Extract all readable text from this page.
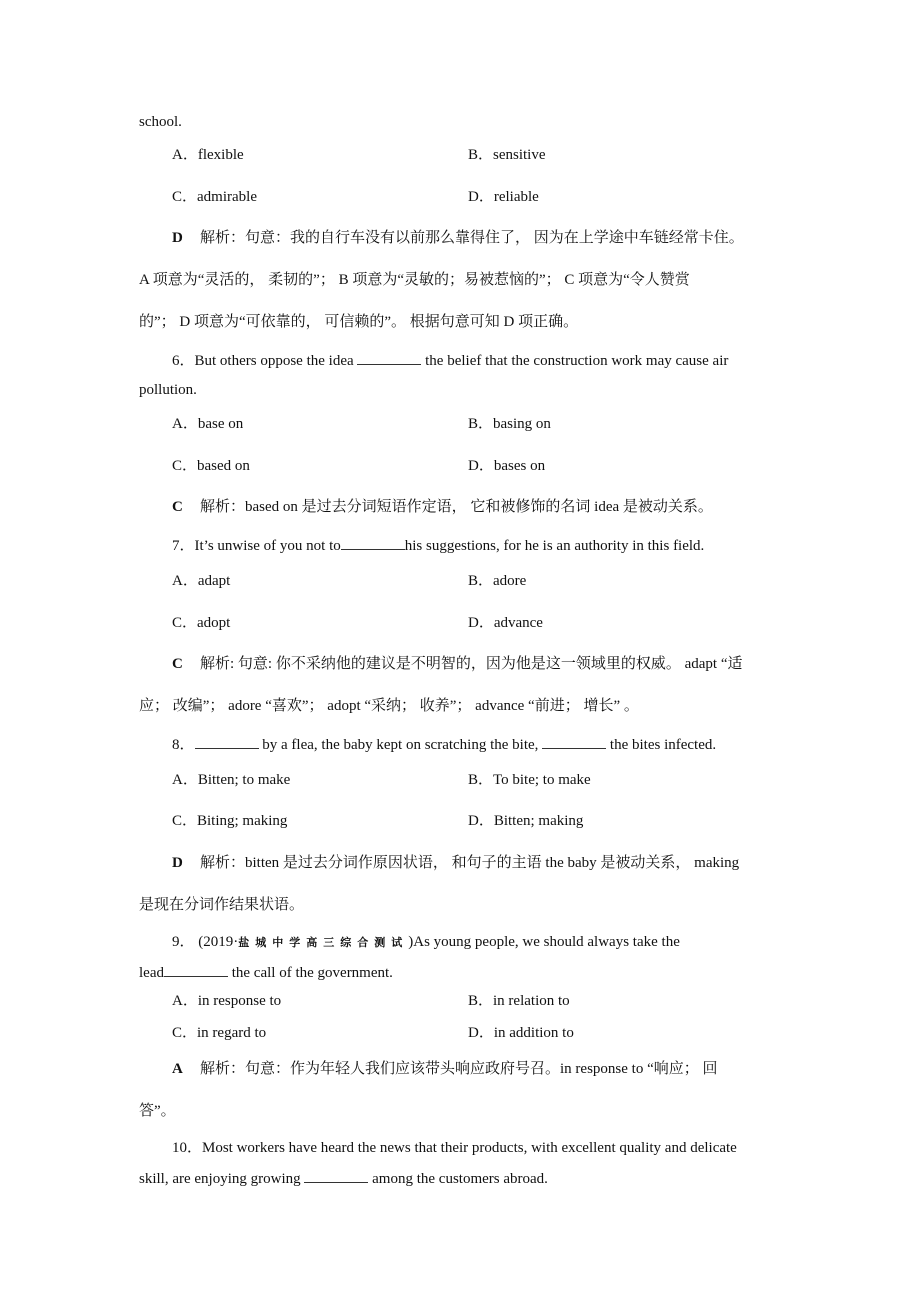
school.
A．flexible	B．sensitive
C．admirable	D．reliable
D 解析：句意：我的自行车没有以前那么靠得住了， 因为在上学途中车链经常卡住。
A 项意为“灵活的， 柔韧的”； B 项意为“灵敏的；易被惹恼的”； C 项意为“令人赞赏
的”； D 项意为“可依靠的， 可信赖的”。 根据句意可知 D 项正确。
6．But others oppose the idea	the belief that the construction work may cause air
pollution.
A．base on	B．basing on
C．based on	D．bases on
C 解析：based on 是过去分词短语作定语， 它和被修饰的名词 idea 是被动关系。
7．It’s unwise of you not to	his suggestions, for he is an authority in this field.
A．adapt	B．adore
C．adopt	D．advance
C 解析: 句意: 你不采纳他的建议是不明智的，因为他是这一领域里的权威。 adapt “适
应； 改编”； adore “喜欢”； adopt “采纳； 收养”； advance “前进； 增长” 。
8．	by a flea, the baby kept on scratching the bite,	the bites infected.
A．Bitten; to make	B．To bite; to make
C．Biting; making	D．Bitten; making
D 解析：bitten 是过去分词作原因状语， 和句子的主语 the baby 是被动关系， making
是现在分词作结果状语。
9． (2019·盐城中学高三综合测试)As young people, we should always take the
lead	the call of the government.
A．in response to	B．in relation to
C．in regard to	D．in addition to
A 解析：句意：作为年轻人我们应该带头响应政府号召。in response to “响应； 回
答”。
10．Most workers have heard the news that their products, with excellent quality and delicate
skill, are enjoying growing	among the customers abroad.
